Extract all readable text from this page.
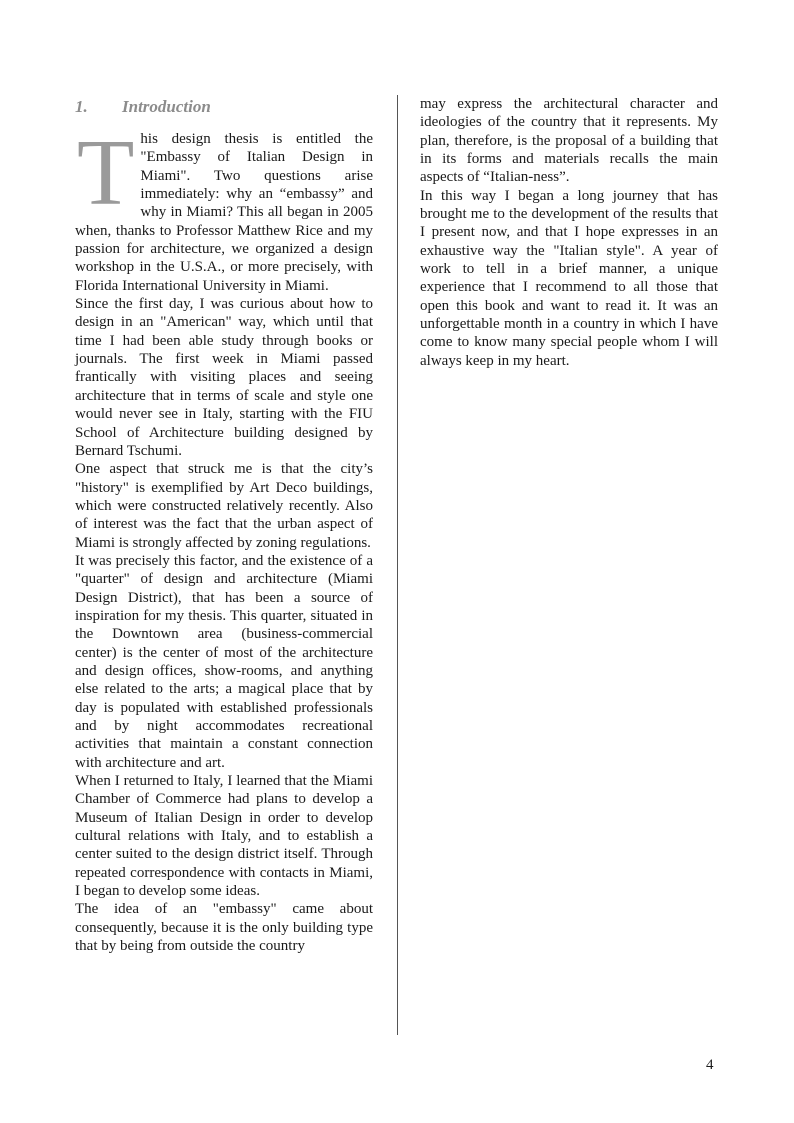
1. Introduction

This design thesis is entitled the "Embassy of Italian Design in Miami". Two questions arise immediately: why an “embassy” and why in Miami? This all began in 2005 when, thanks to Professor Matthew Rice and my passion for architecture, we organized a design workshop in the U.S.A., or more precisely, with Florida International University in Miami.

Since the first day, I was curious about how to design in an "American" way, which until that time I had been able study through books or journals. The first week in Miami passed frantically with visiting places and seeing architecture that in terms of scale and style one would never see in Italy, starting with the FIU School of Architecture building designed by Bernard Tschumi.

One aspect that struck me is that the city’s "history" is exemplified by Art Deco buildings, which were constructed relatively recently. Also of interest was the fact that the urban aspect of Miami is strongly affected by zoning regulations.

It was precisely this factor, and the existence of a "quarter" of design and architecture (Miami Design District), that has been a source of inspiration for my thesis. This quarter, situated in the Downtown area (business-commercial center) is the center of most of the architecture and design offices, show-rooms, and anything else related to the arts; a magical place that by day is populated with established professionals and by night accommodates recreational activities that maintain a constant connection with architecture and art.

When I returned to Italy, I learned that the Miami Chamber of Commerce had plans to develop a Museum of Italian Design in order to develop cultural relations with Italy, and to establish a center suited to the design district itself. Through repeated correspondence with contacts in Miami, I began to develop some ideas.

The idea of an "embassy" came about consequently, because it is the only building type that by being from outside the country

may express the architectural character and ideologies of the country that it represents. My plan, therefore, is the proposal of a building that in its forms and materials recalls the main aspects of “Italian-ness”.

In this way I began a long journey that has brought me to the development of the results that I present now, and that I hope expresses in an exhaustive way the "Italian style". A year of work to tell in a brief manner, a unique experience that I recommend to all those that open this book and want to read it. It was an unforgettable month in a country in which I have come to know many special people whom I will always keep in my heart.

4
